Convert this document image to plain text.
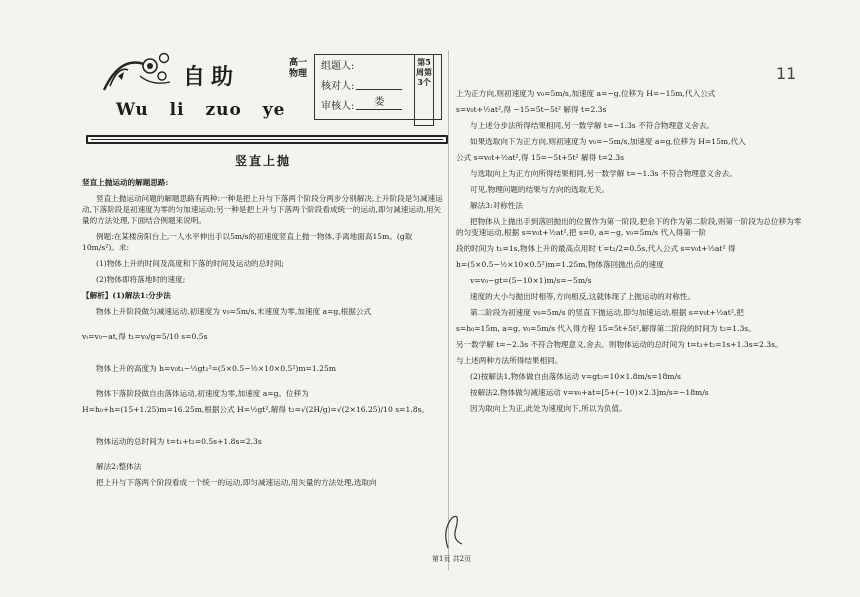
自助
Wu li zuo ye
高一物理
组题人:
核对人:
审核人:	娄
第5周第3个
竖直上抛
竖直上抛运动的解题思路:
竖直上抛运动问题的解题思路有两种:一种是把上升与下落两个阶段分两步分别解决,上升阶段是匀减速运动,下落阶段是初速度为零的匀加速运动;另一种是把上升与下落两个阶段看成统一的运动,即匀减速运动,用矢量的方法处理,下面结合例题来说明。
例题:在某楼房阳台上,一人水平伸出手以5m/s的初速度竖直上抛一物体,手离地面高15m。(g取10m/s²)。求:
(1)物体上升的时间及高度和下落的时间及运动的总时间;
(2)物体即将落地时的速度;
【解析】(1)解法1:分步法
物体上升阶段做匀减速运动,初速度为 v₀=5m/s,末速度为零,加速度 a=g,根据公式
vₜ=v₀−at,得 t₁=v₀/g=5/10 s=0.5s
物体上升的高度为 h=v₀t₁−½gt₁²=(5×0.5−½×10×0.5²)m=1.25m
物体下落阶段做自由落体运动,初速度为零,加速度 a=g。位移为
H=h₀+h=(15+1.25)m=16.25m,根据公式 H=½gt²,解得 t₂=√(2H/g)=√(2×16.25)/10 s=1.8s。
物体运动的总时间为 t=t₁+t₂=0.5s+1.8s=2.3s
解法2:整体法
把上升与下落两个阶段看成一个统一的运动,即匀减速运动,用矢量的方法处理,选取向
上为正方向,则初速度为 v₀=5m/s,加速度 a=−g,位移为 H=−15m,代入公式
s=v₀t+½at²,得 −15=5t−5t² 解得 t=2.3s
与上述分步法所得结果相同,另一数学解 t=−1.3s 不符合物理意义舍去。
如果选取向下为正方向,则初速度为 v₀=−5m/s,加速度 a=g,位移为 H=15m,代入
公式 s=v₀t+½at²,得 15=−5t+5t² 解得 t=2.3s
与选取向上为正方向所得结果相同,另一数学解 t=−1.3s 不符合物理意义舍去。
可见,物理问题的结果与方向的选取无关。
解法3:对称性法
把物体从上抛出手到落回抛出的位置作为第一阶段,把余下的作为第二阶段,则第一阶段为总位移为零的匀变速运动,根据 s=v₀t+½at²,把 s=0, a=−g, v₀=5m/s 代入得第一阶
段的时间为 t₁=1s,物体上升的最高点用时 t′=t₁/2=0.5s,代入公式 s=v₀t+½at² 得
h=(5×0.5−½×10×0.5²)m=1.25m,物体落回抛出点的速度
v=v₀−gt=(5−10×1)m/s=−5m/s
速度的大小与抛出时相等,方向相反,这就体现了上抛运动的对称性。
第二阶段为初速度 v₀=5m/s 的竖直下抛运动,即匀加速运动,根据 s=v₀t+½at²,把
s=h₀=15m, a=g, v₀=5m/s 代入得方程 15=5t+5t²,解得第二阶段的时间为 t₂=1.3s。
另一数学解 t=−2.3s 不符合物理意义,舍去。则物体运动的总时间为 t=t₁+t₂=1s+1.3s=2.3s。
与上述两种方法所得结果相同。
(2)按解法1,物体做自由落体运动 v=gt₂=10×1.8m/s=18m/s
按解法2,物体做匀减速运动 v=v₀+at=[5+(−10)×2.3]m/s=−18m/s
因为取向上为正,此处为速度向下,所以为负值。
11
第1页 共2页
